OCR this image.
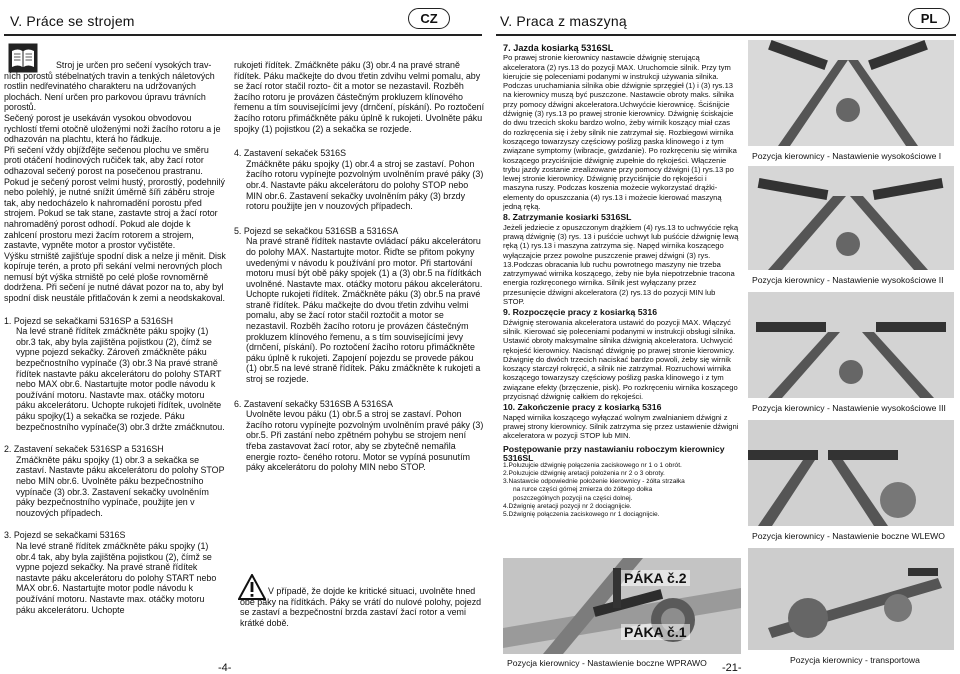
V. Práce se strojem	CZ	V. Praca z maszyną	PL

Stroj je určen pro sečení vysokých trav-

ních porostů stébelnatých travin a tenkých náletových rostlin nedřevinatého charakteru na udržovaných plochách. Není určen pro parkovou úpravu trávních porostů.

Sečený porost je usekáván vysokou obvodovou rychlostí třemi otočně uloženými noži žacího rotoru a je odhazován na plachtu, která ho řádkuje.

Při sečení vždy objížďějte sečenou plochu ve směru proti otáčení hodinových ručiček tak, aby žací rotor odhazoval sečený porost na posečenou prastranu. Pokud je sečený porost velmi hustý, prorostlý, podehnilý nebo polehlý, je nutné snížit úměrně šíři záběru stroje tak, aby nedocházelo k nahromadění porostu před strojem. Pokud se tak stane, zastavte stroj a žací rotor nahromaděný porost odhodí. Pokud ale dojde k zahlcení prostoru mezi žacím rotorem a strojem, zastavte, vypněte motor a prostor vyčistěte.

Výšku strniště zajišťuje spodní disk a nelze ji měnit. Disk kopíruje terén, a proto při sekání velmi nerovných ploch nemusí být výška strniště po celé ploše rovnoměrně dodržena. Při sečení je nutné dávat pozor na to, aby byl spodní disk neustále přitlačován k zemi a neodskakoval.

1. Pojezd se sekačkami 5316SP a 5316SH

Na levé straně řídítek zmáčkněte páku spojky (1) obr.3 tak, aby byla zajištěna pojistkou (2), čímž se vypne pojezd sekačky. Zároveň zmáčkněte páku bezpečnostního vypínače (3) obr.3 Na pravé straně řídítek nastavte páku akcelerátoru do polohy START nebo MAX obr.6. Nastartujte motor podle návodu k používání motoru. Nastavte max. otáčky motoru páku akcelerátoru. Uchopte rukojeti řídítek, uvolněte páku spojky(1) a sekačka se rozjede. Páku bezpečnostního vypínače(3) obr.3 držte zmáčknutou.

2. Zastavení sekaček 5316SP a 5316SH

Zmáčkněte páku spojky (1) obr.3 a sekačka se zastaví. Nastavte páku akcelerátoru do polohy STOP nebo MIN obr.6. Uvolněte páku bezpečnostního vypínače (3) obr.3. Zastavení sekačky uvolněním páky bezpečnostního vypínače, použijte jen v nouzových případech.

3. Pojezd se sekačkami 5316S

Na levé straně řídítek zmáčkněte páku spojky (1) obr.4 tak, aby byla zajištěna pojistkou (2), čímž se vypne pojezd sekačky. Na pravé straně řídítek nastavte páku akcelerátoru do polohy START nebo MAX obr.6. Nastartujte motor podle návodu k používání motoru. Nastavte max. otáčky motoru páku akcelerátoru. Uchopte

rukojeti řídítek. Zmáčkněte páku (3) obr.4 na pravé straně řídítek. Páku mačkejte do dvou třetin zdvihu velmi pomalu, aby se žací rotor stačil rozto- čit a motor se nezastavil. Rozběh žacího rotoru je provázen částečným prokluzem klínového řemenu a tím souvisejícími jevy (drnčení, pískání). Po roztočení žacího rotoru přimáčkněte páku úplně k rukojeti. Uvolněte páku spojky (1) pojistkou (2) a sekačka se rozjede.

4. Zastavení sekaček 5316S

Zmáčkněte páku spojky (1) obr.4 a stroj se zastaví. Pohon žacího rotoru vypínejte pozvolným uvolněním pravé páky (3) obr.4. Nastavte páku akcelerátoru do polohy STOP nebo MIN obr.6. Zastavení sekačky uvolněním páky (3) brzdy rotoru použijte jen v nouzových případech.

5. Pojezd se sekačkou 5316SB a 5316SA

Na pravé straně řídítek nastavte ovládací páku akcelerátoru do polohy MAX. Nastartujte motor. Řiďte se přitom pokyny uvedenými v návodu k používání pro motor. Při startování motoru musí být obě páky spojek (1) a (3) obr.5 na řídítkách uvolněné. Nastavte max. otáčky motoru pákou akcelerátoru. Uchopte rukojeti řídítek. Zmáčkněte páku (3) obr.5 na pravé straně řídítek. Páku mačkejte do dvou třetin zdvihu velmi pomalu, aby se žací rotor stačil roztočit a motor se nezastavil. Rozběh žacího rotoru je provázen částečným prokluzem klínového řemenu, a s tím souvisejícími jevy (drnčení, pískání). Po roztočení žacího rotoru přimáčkněte páku úplně k rukojeti. Zapojení pojezdu se provede pákou (1) obr.5 na levé straně řídítek. Páku zmáčkněte k rukojeti a stroj se rozjede.

6. Zastavení sekačky 5316SB A 5316SA

Uvolněte levou páku (1) obr.5 a stroj se zastaví. Pohon žacího rotoru vypínejte pozvolným uvolněním pravé páky (3) obr.5. Při zastání nebo zpětném pohybu se strojem není třeba zastavovat žací rotor, aby se zbytečně nemařila energie rozto- čeného rotoru. Motor se vypíná posunutím páky akcelerátoru do polohy MIN nebo STOP.

V případě, že dojde ke kritické situaci, uvolněte hned obě páky na řídítkách. Páky se vrátí do nulové polohy, pojezd se zastaví a bezpečnostní brzda zastaví žací rotor a vemi krátké době.
-4-

7. Jazda kosiarką 5316SL

Po prawej stronie kierownicy nastawcie dźwignię sterującą akceleratora (2) rys.13 do pozycji MAX. Uruchomcie silnik. Przy tym kierujcie się poleceniami podanymi w instrukcji używania silnika. Podczas uruchamiania silnika obie dźwignie sprzęgieł (1) i (3) rys.13 na kierownicy muszą być puszczone. Nastawcie obroty maks. silnika przy pomocy dźwigni akceleratora.Uchwyćcie kierownicę. Ściśnijcie dźwignię (3) rys.13 po prawej stronie kierownicy. Dźwignię ściskajcie do dwu trzecich skoku bardzo wolno, żeby wirnik koszący miał czas do rozkręcenia się i żeby silnik nie zatrzymał się. Rozbiegowi wirnika koszącego towarzyszy częściowy poślizg paska klinowego i z tym związane symptomy (wibracje, gwizdanie). Po rozkręceniu się wirnika koszącego przyciśnijcie dźwignię zupełnie do rękojeści. Włączenie trybu jazdy zostanie zrealizowane przy pomocy dźwigni (1) rys.13 po lewej stronie kierownicy. Dźwignię przyciśnijcie do rękojeści i maszyna ruszy. Podczas koszenia możecie wykorzystać drążki-elementy do opuszczania (4) rys.13 i możecie kierować maszyną jedną ręką.

8. Zatrzymanie kosiarki 5316SL

Jeżeli jedziecie z opuszczonym drążkiem (4) rys.13 to uchwyćcie ręką prawą dźwignię (3) rys. 13 i puśćcie uchwyt lub puśćcie dźwignię lewą ręką (1) rys.13 i maszyna zatrzyma się. Napęd wirnika koszącego wyłączajcie przez powolne puszczenie prawej dźwigni (3) rys. 13.Podczas obracania lub ruchu powrotnego maszyny nie trzeba zatrzymywać wirnika koszącego, żeby nie była niepotrzebnie tracona energia rozkręconego wirnika. Silnik jest wyłączany przez przesunięcie dźwigni akceleratora (2) rys.13 do pozycji MIN lub STOP.

9. Rozpoczęcie pracy z kosiarką 5316

Dźwignię sterowania akceleratora ustawić do pozycji MAX. Włączyć silnik. Kierować się poleceniami podanymi w instrukcji obsługi silnika. Ustawić obroty maksymalne silnika dźwignią akceleratora. Uchwycić rękojeść kierownicy. Nacisnąć dźwignię po prawej stronie kierownicy. Dźwignię do dwóch trzecich naciskać bardzo powoli, żeby się wirnik koszący starczył rokręcić, a silnik nie zatrzymał. Rozruchowi wirnika koszącego towarzyszy częściowy poślizg paska klinowego i z tym związane efekty (brzęczenie, pisk). Po rozkręceniu wirnika koszącego przycisnąć dźwignię całkiem do rękojeści.

10. Zakończenie pracy z kosiarką 5316

Napęd wirnika koszącego wyłączać wolnym zwalnianiem dźwigni z prawej strony kierownicy. Silnik zatrzyma się przez ustawienie dźwigni akceleratora w pozycji STOP lub MIN.

Postępowanie przy nastawianiu roboczym kierownicy 5316SL

1.Poluzujcie dźwignię połączenia zaciskowego nr 1 o 1 obrót.

2.Poluzujcie dźwignię aretacji położenia nr 2 o 3 obroty.

3.Nastawcie odpowiednie położenie kierownicy - żółta strzałka

na rurce części górnej zmierza do żółtego dołka

poszczególnych pozycji na części dolnej.

4.Dźwignię aretacji pozycji nr 2 dociągnijcie.

5.Dźwignię połączenia zaciskowego nr 1 dociągnijcie.

PÁKA č.2
PÁKA č.1
Pozycja kierownicy - Nastawienie boczne WPRAWO -21-
Pozycja kierownicy - Nastawienie wysokościowe I
Pozycja kierownicy - Nastawienie wysokościowe II
Pozycja kierownicy - Nastawienie wysokościowe III
Pozycja kierownicy - Nastawienie boczne WLEWO
Pozycja kierownicy - transportowa
